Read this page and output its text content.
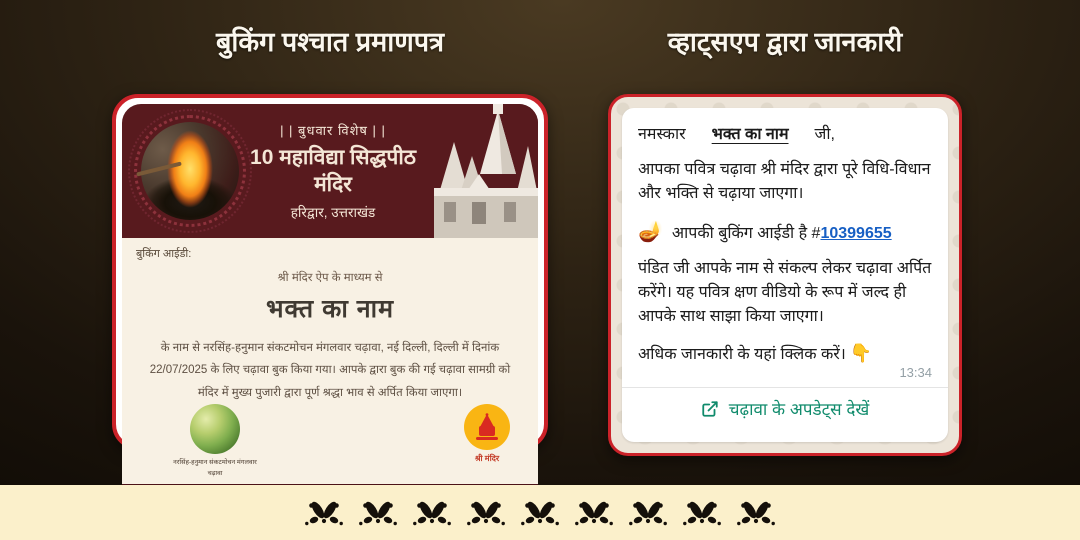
बुकिंग पश्चात प्रमाणपत्र	व्हाट्सएप द्वारा जानकारी
| | बुधवार विशेष | |
10 महाविद्या सिद्धपीठ मंदिर
हरिद्वार, उत्तराखंड
बुकिंग आईडी:
श्री मंदिर ऐप के माध्यम से
भक्त का नाम
के नाम से नरसिंह-हनुमान संकटमोचन मंगलवार चढ़ावा, नई दिल्ली, दिल्ली में दिनांक 22/07/2025 के लिए चढ़ावा बुक किया गया। आपके द्वारा बुक की गई चढ़ावा सामग्री को मंदिर में मुख्य पुजारी द्वारा पूर्ण श्रद्धा भाव से अर्पित किया जाएगा।
नरसिंह-हनुमान संकटमोचन मंगलवार
चढ़ावा
श्री मंदिर
नमस्कार भक्त का नाम जी,
आपका पवित्र चढ़ावा श्री मंदिर द्वारा पूरे विधि-विधान और भक्ति से चढ़ाया जाएगा।
🪔 आपकी बुकिंग आईडी है #10399655
पंडित जी आपके नाम से संकल्प लेकर चढ़ावा अर्पित करेंगे। यह पवित्र क्षण वीडियो के रूप में जल्द ही आपके साथ साझा किया जाएगा।
अधिक जानकारी के यहां क्लिक करें। 👇
13:34
चढ़ावा के अपडेट्स देखें
